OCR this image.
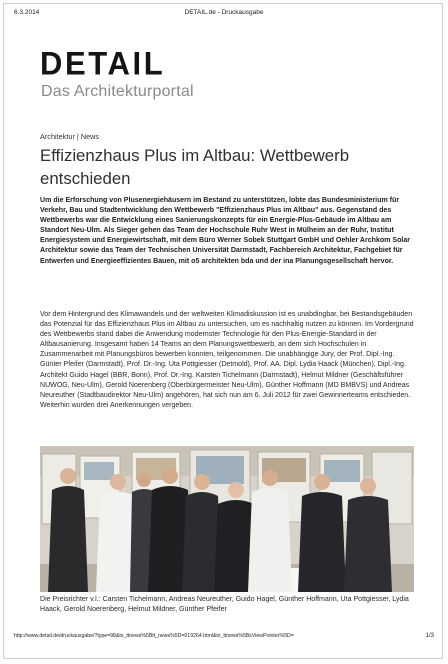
6.3.2014	DETAIL.de - Druckausgabe
DETAIL
Das Architekturportal
Architektur | News
Effizienzhaus Plus im Altbau: Wettbewerb entschieden

Um die Erforschung von Plusenergiehäusern im Bestand zu unterstützen, lobte das Bundesministerium für Verkehr, Bau und Stadtentwicklung den Wettbewerb "Effizienzhaus Plus im Altbau" aus. Gegenstand des Wettbewerbs war die Entwicklung eines Sanierungskonzepts für ein Energie-Plus-Gebäude im Altbau am Standort Neu-Ulm. Als Sieger gehen das Team der Hochschule Ruhr West in Mülheim an der Ruhr, Institut Energiesystem und Energiewirtschaft, mit dem Büro Werner Sobek Stuttgart GmbH und Oehler Archkom Solar Architektur sowie das Team der Technischen Universität Darmstadt, Fachbereich Architektur, Fachgebiet für Entwerfen und Energieeffizientes Bauen, mit o5 architekten bda und der ina Planungsgesellschaft hervor.

Vor dem Hintergrund des Klimawandels und der weltweiten Klimadiskussion ist es unabdingbar, bei Bestandsgebäuden das Potenzial für das Effizienzhaus Plus im Altbau zu untersuchen, um es nachhaltig nutzen zu können. Im Vordergrund des Wettbewerbs stand dabei die Anwendung modernster Technologie für den Plus-Energie-Standard in der Altbausanierung. Insgesamt haben 14 Teams an dem Planungswettbewerb, an dem sich Hochschulen in Zusammenarbeit mit Planungsbüros bewerben konnten, teilgenommen. Die unabhängige Jury, der Prof. Dipl.-Ing. Günter Pfeifer (Darmstadt), Prof. Dr.-Ing. Uta Pottgiesser (Detmold), Prof. AA. Dipl. Lydia Haack (München), Dipl.-Ing. Architekt Guido Hagel (BBR, Bonn), Prof. Dr.-Ing. Karsten Tichelmann (Darmstadt), Helmut Mildner (Geschäftsführer NUWOG, Neu-Ulm), Gerold Noerenberg (Oberbürgermeister Neu-Ulm), Günther Hoffmann (MD BMBVS) und Andreas Neureuther (Stadtbaudirektor Neu-Ulm) angehören, hat sich nun am 6. Juli 2012 für zwei Gewinnerteams entschieden. Weiterhin wurden drei Anerkennungen vergeben.

Die Preisrichter v.l.: Carsten Tichelmann, Andreas Neureuther, Guido Hagel, Günther Hoffmann, Uta Pottgiesser, Lydia Haack, Gerold Noerenberg, Helmut Mildner, Günther Pfeifer

http://www.detail.de/druckausgabe/?type=98&tx_ttnews%5Btt_news%5D=019264.html&tx_ttnews%5BsViewPointer%5D=	1/3
